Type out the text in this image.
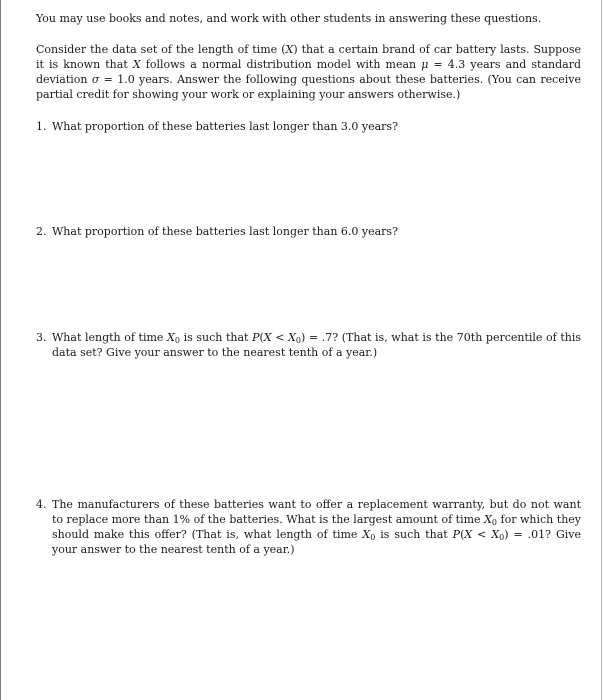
You may use books and notes, and work with other students in answering these questions.

Consider the data set of the length of time (X) that a certain brand of car battery lasts. Suppose it is known that X follows a normal distribution model with mean μ = 4.3 years and standard deviation σ = 1.0 years. Answer the following questions about these batteries. (You can receive partial credit for showing your work or explaining your answers otherwise.)

1. What proportion of these batteries last longer than 3.0 years?
2. What proportion of these batteries last longer than 6.0 years?
3. What length of time $X_0$ is such that $P(X < X_0) = .7$? (That is, what is the 70th percentile of this data set? Give your answer to the nearest tenth of a year.)
4. The manufacturers of these batteries want to offer a replacement warranty, but do not want to replace more than 1% of the batteries. What is the largest amount of time $X_0$ for which they should make this offer? (That is, what length of time $X_0$ is such that $P(X < X_0) = .01$? Give your answer to the nearest tenth of a year.)
